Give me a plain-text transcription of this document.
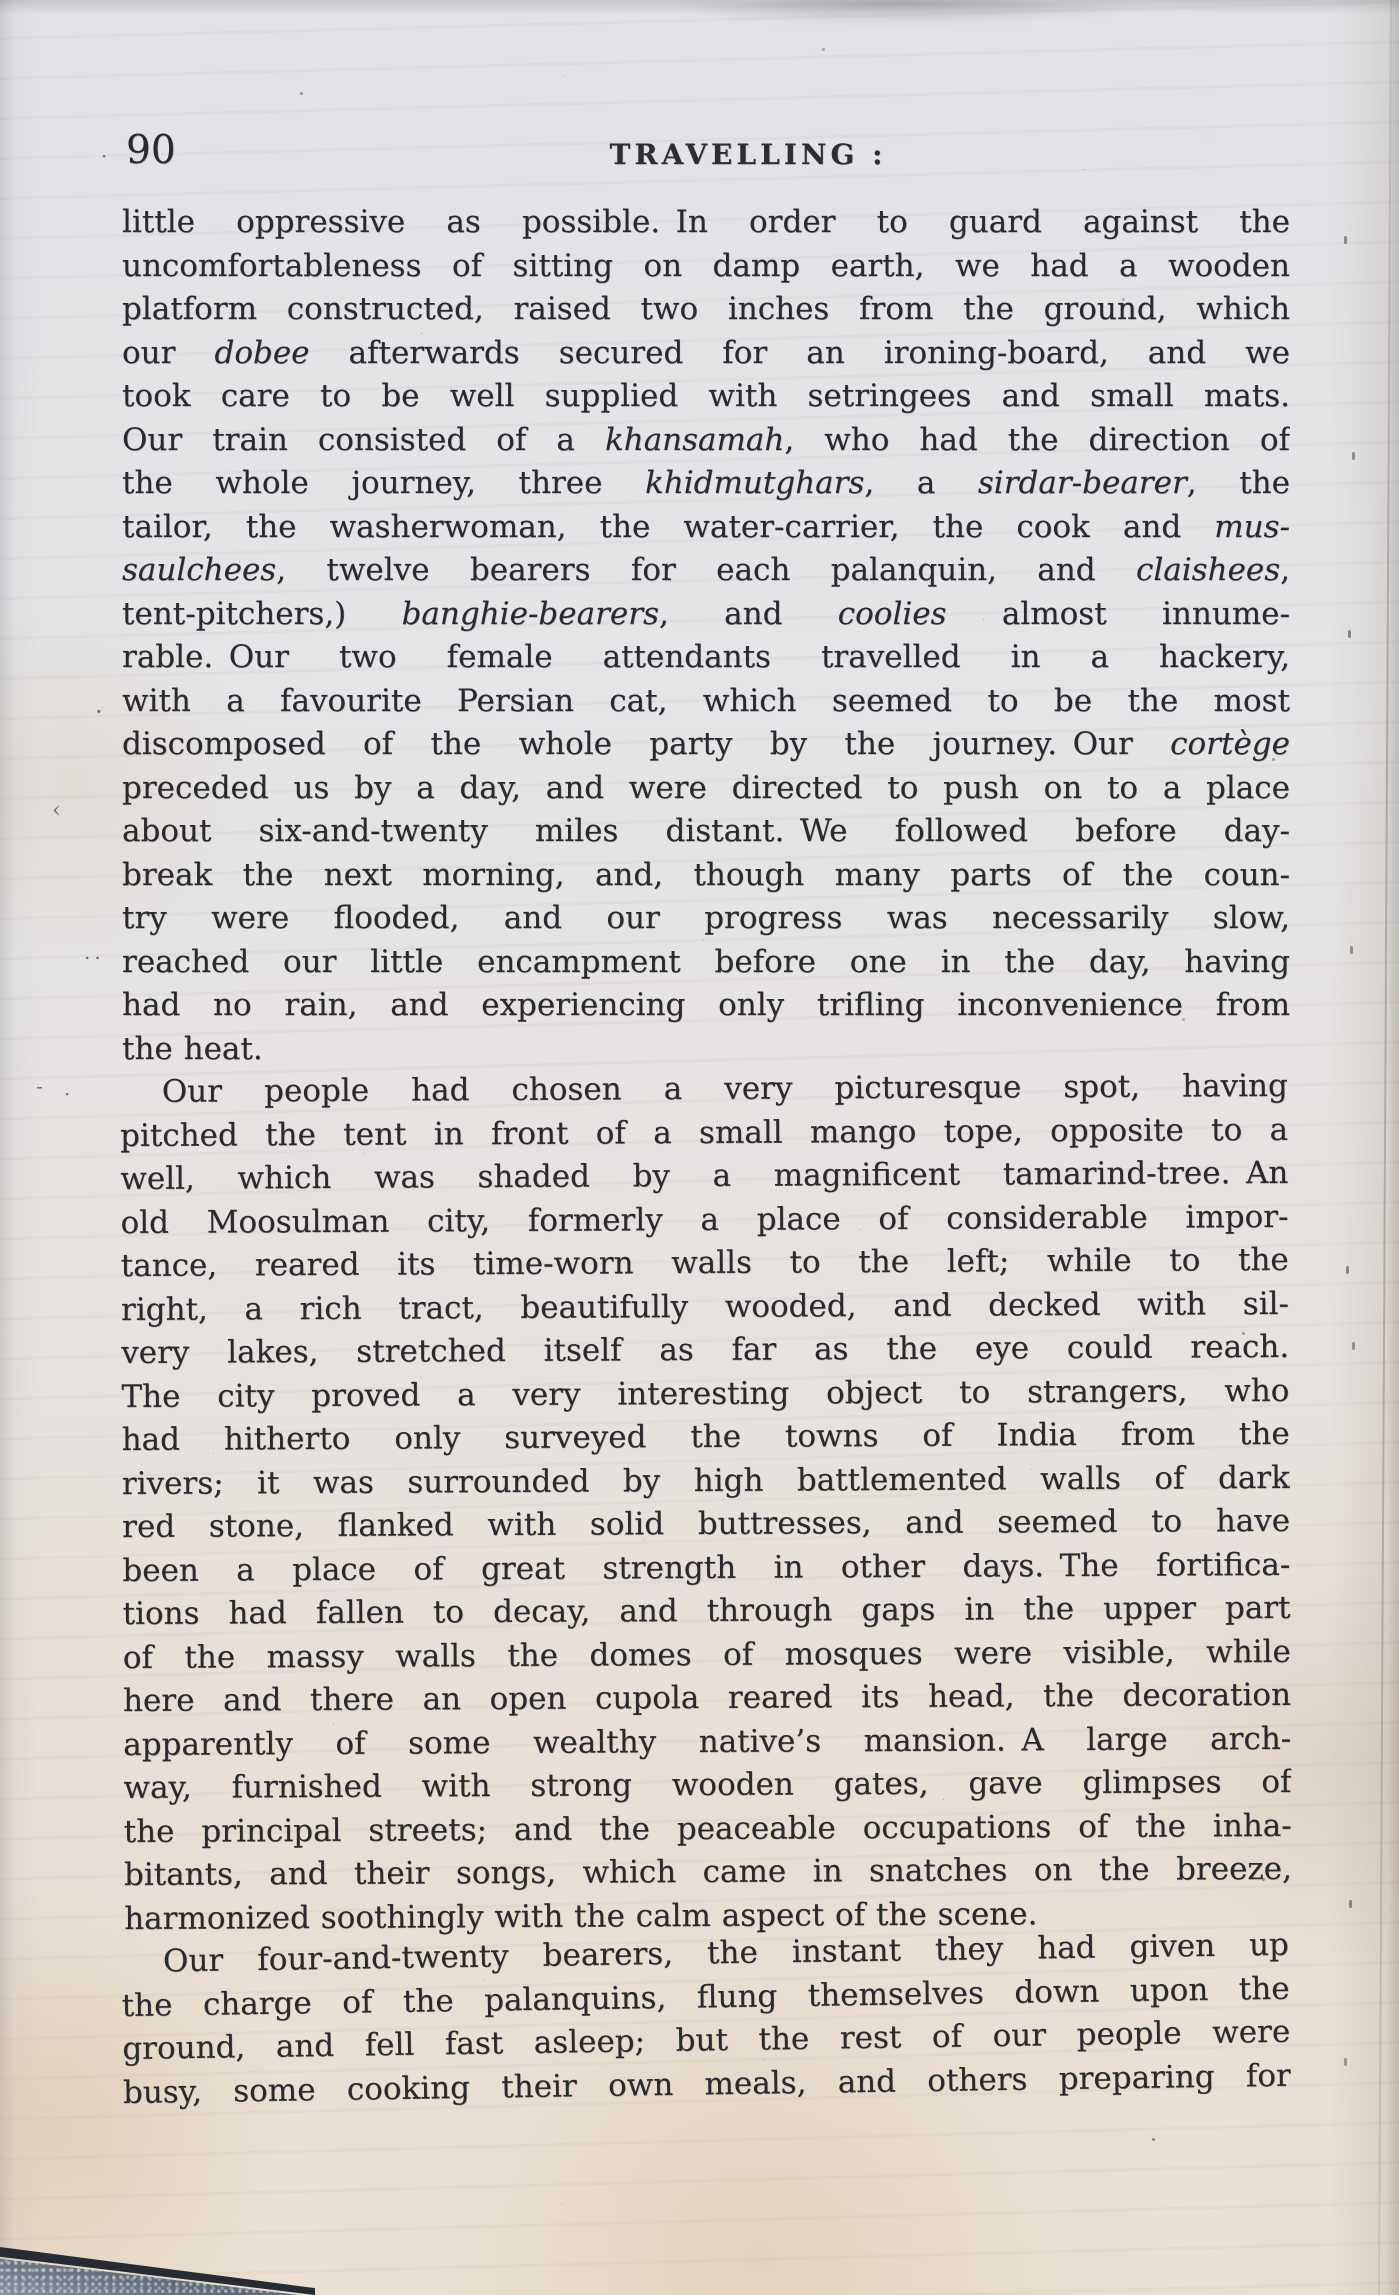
90	TRAVELLING :
little oppressive as possible. In order to guard against the
uncomfortableness of sitting on damp earth, we had a wooden
platform constructed, raised two inches from the ground, which
our dobee afterwards secured for an ironing-board, and we
took care to be well supplied with setringees and small mats.
Our train consisted of a khansamah, who had the direction of
the whole journey, three khidmutghars, a sirdar-bearer, the
tailor, the washerwoman, the water-carrier, the cook and mus-
saulchees, twelve bearers for each palanquin, and claishees,
tent-pitchers,) banghie-bearers, and coolies almost innume-
rable. Our two female attendants travelled in a hackery,
with a favourite Persian cat, which seemed to be the most
discomposed of the whole party by the journey. Our cortège
preceded us by a day, and were directed to push on to a place
about six-and-twenty miles distant. We followed before day-
break the next morning, and, though many parts of the coun-
try were flooded, and our progress was necessarily slow,
reached our little encampment before one in the day, having
had no rain, and experiencing only trifling inconvenience from
the heat.
Our people had chosen a very picturesque spot, having
pitched the tent in front of a small mango tope, opposite to a
well, which was shaded by a magnificent tamarind-tree. An
old Moosulman city, formerly a place of considerable impor-
tance, reared its time-worn walls to the left; while to the
right, a rich tract, beautifully wooded, and decked with sil-
very lakes, stretched itself as far as the eye could reach.
The city proved a very interesting object to strangers, who
had hitherto only surveyed the towns of India from the
rivers; it was surrounded by high battlemented walls of dark
red stone, flanked with solid buttresses, and seemed to have
been a place of great strength in other days. The fortifica-
tions had fallen to decay, and through gaps in the upper part
of the massy walls the domes of mosques were visible, while
here and there an open cupola reared its head, the decoration
apparently of some wealthy native’s mansion. A large arch-
way, furnished with strong wooden gates, gave glimpses of
the principal streets; and the peaceable occupations of the inha-
bitants, and their songs, which came in snatches on the breeze,
harmonized soothingly with the calm aspect of the scene.
Our four-and-twenty bearers, the instant they had given up
the charge of the palanquins, flung themselves down upon the
ground, and fell fast asleep; but the rest of our people were
busy, some cooking their own meals, and others preparing for
·
·
..
‹
- ·
